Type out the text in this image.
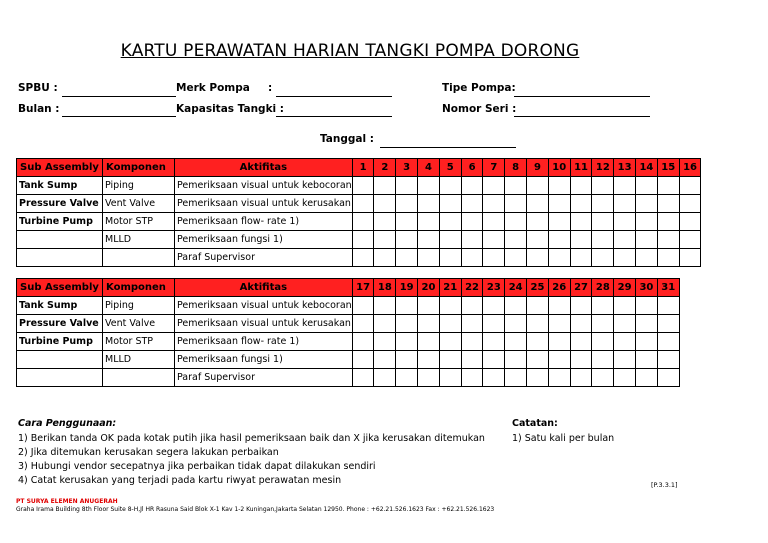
KARTU PERAWATAN HARIAN TANGKI POMPA DORONG
SPBU :	Merk Pompa :	Tipe Pompa:
Bulan :	Kapasitas Tangki :	Nomor Seri :
Tanggal :
Sub Assembly	Komponen	Aktifitas	1	2	3	4	5	6	7	8	9	10	11	12	13	14	15	16
Tank Sump	Piping	Pemeriksaan visual untuk kebocoran																
Pressure Valve	Vent Valve	Pemeriksaan visual untuk kerusakan																
Turbine Pump	Motor STP	Pemeriksaan flow- rate 1)																
	MLLD	Pemeriksaan fungsi 1)																
		Paraf Supervisor																
Sub Assembly	Komponen	Aktifitas	17	18	19	20	21	22	23	24	25	26	27	28	29	30	31
Tank Sump	Piping	Pemeriksaan visual untuk kebocoran															
Pressure Valve	Vent Valve	Pemeriksaan visual untuk kerusakan															
Turbine Pump	Motor STP	Pemeriksaan flow- rate 1)															
	MLLD	Pemeriksaan fungsi 1)															
		Paraf Supervisor															
Cara Penggunaan:
1) Berikan tanda OK pada kotak putih jika hasil pemeriksaan baik dan X jika kerusakan ditemukan
2) Jika ditemukan kerusakan segera lakukan perbaikan
3) Hubungi vendor secepatnya jika perbaikan tidak dapat dilakukan sendiri
4) Catat kerusakan yang terjadi pada kartu riwyat perawatan mesin
Catatan:
1) Satu kali per bulan
[P.3.3.1]
PT SURYA ELEMEN ANUGERAH
Graha Irama Building 8th Floor Suite 8-H,Jl HR Rasuna Said Blok X-1 Kav 1-2 Kuningan,Jakarta Selatan 12950. Phone : +62.21.526.1623 Fax : +62.21.526.1623
